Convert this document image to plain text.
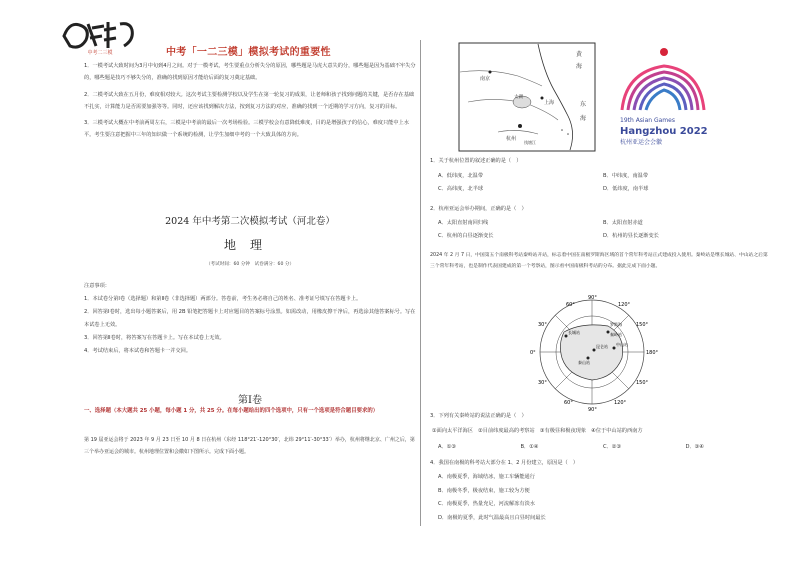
中考二三模	中考「一二三模」模拟考试的重要性

1．一模考试大致时间为3月中旬到4月之间。对于一模考试，考生要重点分析失分的原因，哪些题是马虎大意失的分，哪些题是因为基础不牢失分的，哪些题是技巧不够失分的，准确的找到原因才能给后面的复习奠定基础。

2．二模考试大致在五月份，难度相对较大。这次考试主要检测学校以及学生在第一轮复习的成果，让老师和孩子找到问题的关键，是否存在基础不扎实，计算能力是否需要加强等等。同时，还应该找到解决方法，按到复习方法的对应，准确的找到一个近期的学习方向，复习的目标。

3．三模考试大概在中考前两周左右，三模是中考前的最后一次考场检验。三模学校会有意降低难度，目的是增强孩子的信心，难度只能中上水平。考生要注意把握中三年的知识做一个系统的检测，让学生加细中考的一个大致具体的方向。

2024 年中考第二次模拟考试（河北卷）
地理
（考试时间：60 分钟　试卷满分：60 分）

注意事项：

1．本试卷分第Ⅰ卷（选择题）和第Ⅱ卷（非选择题）两部分。答卷前，考生务必将自己的姓名、准考证号填写在答题卡上。

2．回答第Ⅰ卷时，选出每小题答案后，用 2B 铅笔把答题卡上对应题目的答案标号涂黑。如需改动，用橡皮擦干净后，再选涂其他答案标号。写在本试卷上无效。

3．回答第Ⅱ卷时，将答案写在答题卡上。写在本试卷上无效。

4．考试结束后，将本试卷和答题卡一并交回。

第Ⅰ卷
一、选择题（本大题共 25 小题，每小题 1 分，共 25 分。在每小题给出的四个选项中，只有一个选项是符合题目要求的）
第 19 届亚运会将于 2023 年 9 月 23 日至 10 月 8 日在杭州（东经 118°21′-120°30′，北纬 29°11′-30°33′）举办，杭州将继北京、广州之后，第三个举办亚运会的城市。杭州地理位置和会徽如下图所示。完成下面小题。
南京
上海
黄
海
东
海
太湖
杭州
钱塘江
19th Asian Games
Hangzhou 2022
杭州亚运会会徽
1．关于杭州位置的叙述正确的是（　）
A．低纬度，北温带	B．中纬度，南温带
C．高纬度，北半球	D．低纬度，南半球
2．杭州亚运会举办期间，正确的是（　）
A．太阳直射南回归线	B．太阳直射赤道
C．杭州的白昼逐渐变长	D．杭州的昼长逐渐变长
2024 年 2 月 7 日，中国第五个南极科考站秦岭站开站，标志着中国在南极罗斯海区域的首个常年科考站正式建成投入使用。秦岭站是继长城站、中山站之后第三个常年科考站，也是制作代表国建成的第一个考察站，图示看中国南极科考站的分布。据此完成下面小题。
60°
90°
120°
30°	150°
0°	180°
30°	150°
60°	120°
90°
罗斯海
长城站
中山站
昆仑站
泰山站
秦岭站
3．下列有关秦岭站的说法正确的是（　）
①面向太平洋海区　②目前纬度最高的考察站　③有极昼和极夜现象　④位于中山站的西南方
A．①③	B．①④	C．②③	D．③④
4．我国在南极的科考站大部分在 1、2 月份建立，原因是（　）
A．南极夏季，海域结冰，施工车辆能通行
B．南极冬季，极夜结束，施工较为方便
C．南极夏季，热量充足，河流解冻有淡水
D．南极的夏季，此时气温最高且白昼时间最长
